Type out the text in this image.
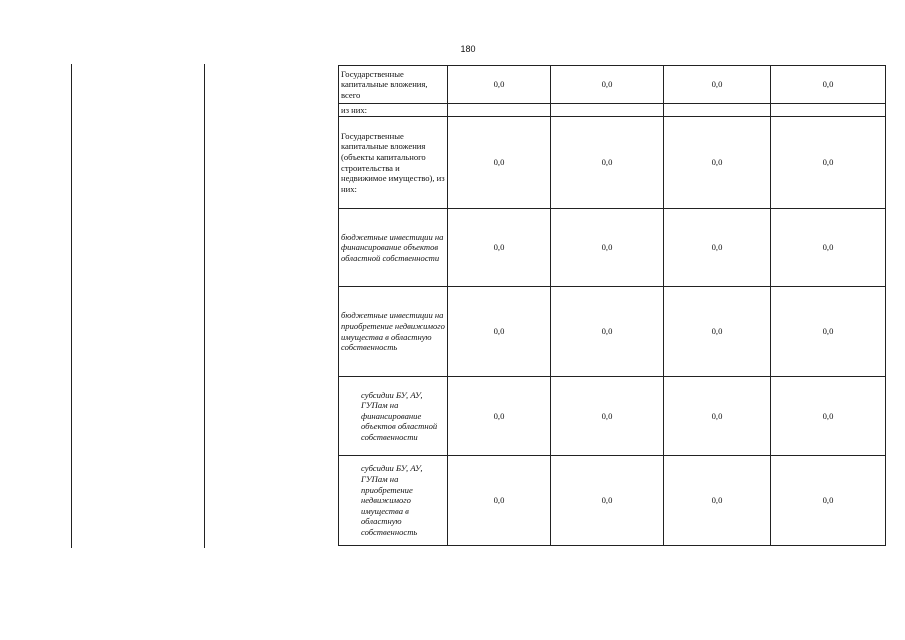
180
Государственные капитальные вложения, всего	0,0	0,0	0,0	0,0
из них:				
Государственные капитальные вложения (объекты капитального строительства и недвижимое имущество), из них:	0,0	0,0	0,0	0,0
бюджетные инвестиции на финансирование объектов областной собственности	0,0	0,0	0,0	0,0
бюджетные инвестиции на приобретение недвижимого имущества в областную собственность	0,0	0,0	0,0	0,0
субсидии БУ, АУ, ГУПам на финансирование объектов областной собственности	0,0	0,0	0,0	0,0
субсидии БУ, АУ, ГУПам на приобретение недвижимого имущества в областную собственность	0,0	0,0	0,0	0,0
